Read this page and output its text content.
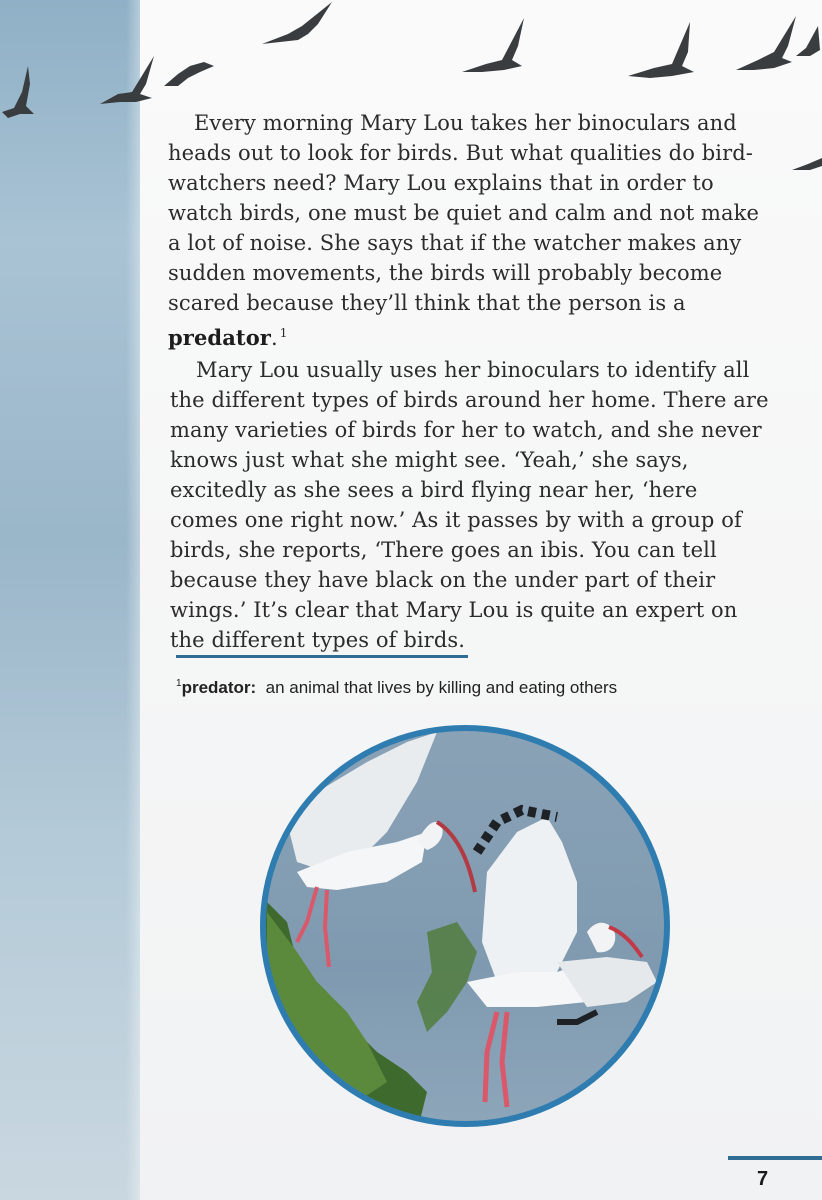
Every morning Mary Lou takes her binoculars and heads out to look for birds. But what qualities do bird-watchers need? Mary Lou explains that in order to watch birds, one must be quiet and calm and not make a lot of noise. She says that if the watcher makes any sudden movements, the birds will probably become scared because they’ll think that the person is a predator. $^1$

Mary Lou usually uses her binoculars to identify all the different types of birds around her home. There are many varieties of birds for her to watch, and she never knows just what she might see. ‘Yeah,’ she says, excitedly as she sees a bird flying near her, ‘here comes one right now.’ As it passes by with a group of birds, she reports, ‘There goes an ibis. You can tell because they have black on the under part of their wings.’ It’s clear that Mary Lou is quite an expert on the different types of birds.

$^1$predator: an animal that lives by killing and eating others
7
